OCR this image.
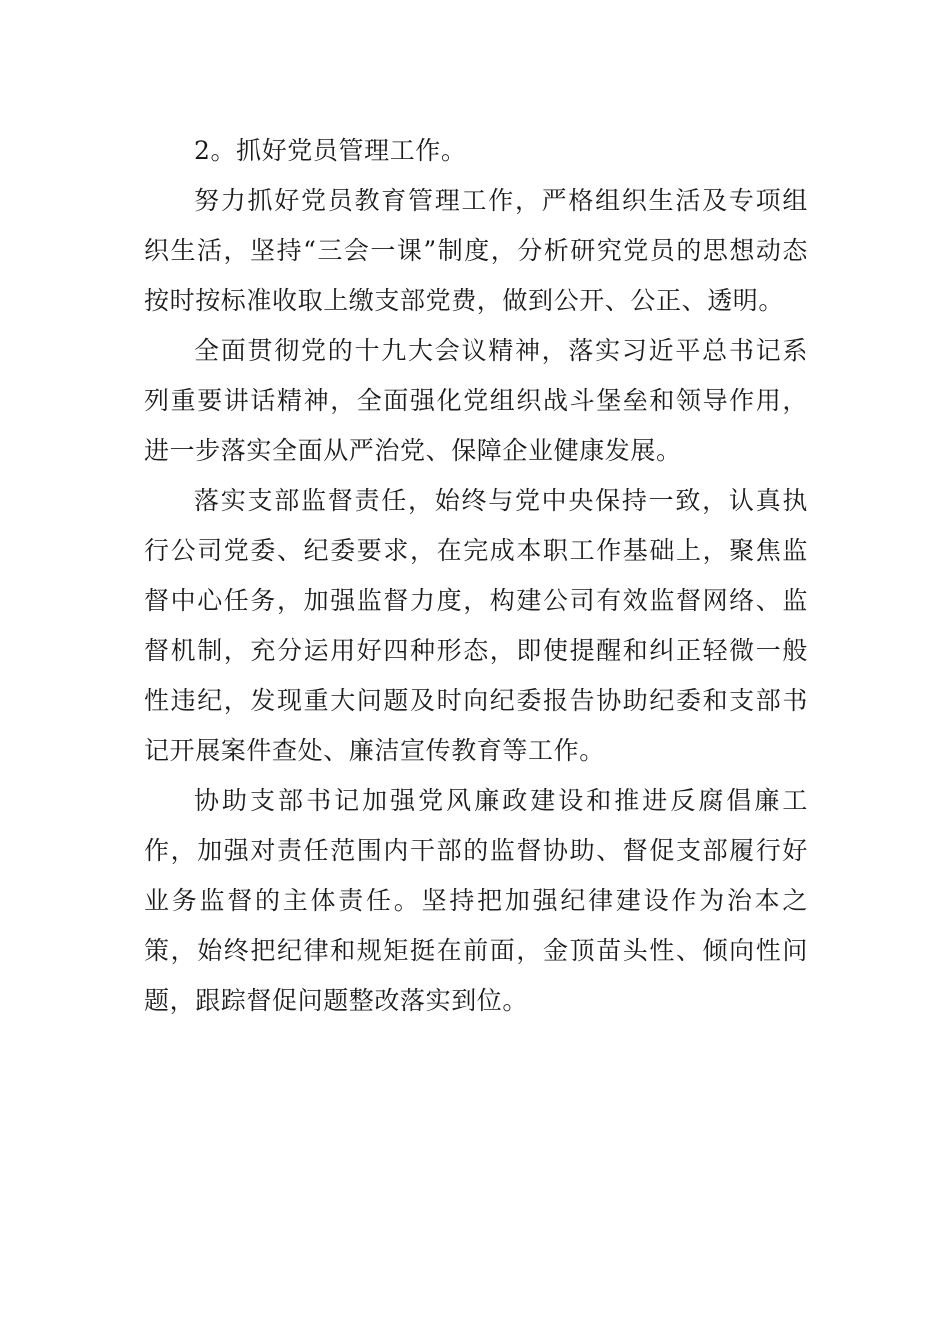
2。抓好党员管理工作。

努力抓好党员教育管理工作，严格组织生活及专项组织生活，坚持“三会一课”制度，分析研究党员的思想动态按时按标准收取上缴支部党费，做到公开、公正、透明。

全面贯彻党的十九大会议精神，落实习近平总书记系列重要讲话精神，全面强化党组织战斗堡垒和领导作用，进一步落实全面从严治党、保障企业健康发展。

落实支部监督责任，始终与党中央保持一致，认真执行公司党委、纪委要求，在完成本职工作基础上，聚焦监督中心任务，加强监督力度，构建公司有效监督网络、监督机制，充分运用好四种形态，即使提醒和纠正轻微一般性违纪，发现重大问题及时向纪委报告协助纪委和支部书记开展案件查处、廉洁宣传教育等工作。

协助支部书记加强党风廉政建设和推进反腐倡廉工作，加强对责任范围内干部的监督协助、督促支部履行好业务监督的主体责任。坚持把加强纪律建设作为治本之策，始终把纪律和规矩挺在前面，金顶苗头性、倾向性问题，跟踪督促问题整改落实到位。
